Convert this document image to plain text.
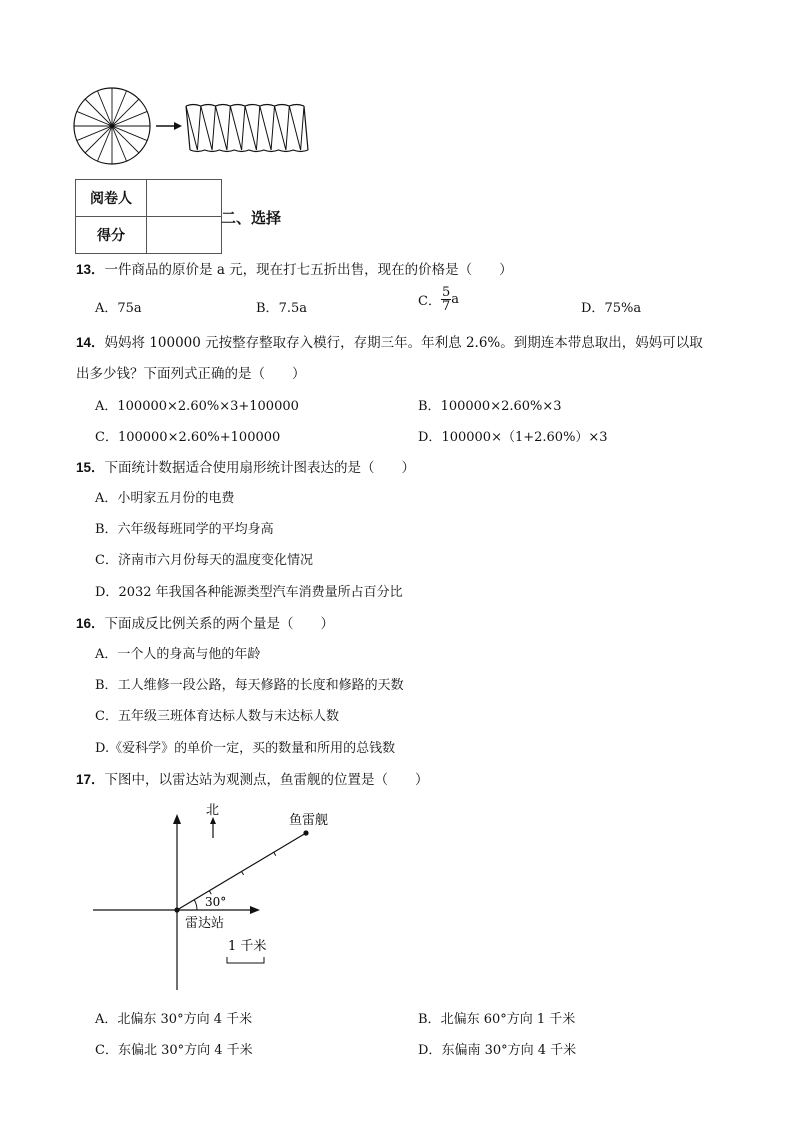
阅卷人	
得分	
二、选择
13．一件商品的原价是 a 元，现在打七五折出售，现在的价格是（　　）
A．75a	B．7.5a	C． $\frac{5}{7}$ a
D．75%a
14．妈妈将 100000 元按整存整取存入模行，存期三年。年利息 2.6%。到期连本带息取出，妈妈可以取
出多少钱？下面列式正确的是（　　）
A．100000×2.60%×3+100000	B．100000×2.60%×3
C．100000×2.60%+100000	D．100000×（1+2.60%）×3
15．下面统计数据适合使用扇形统计图表达的是（　　）
A．小明家五月份的电费
B．六年级每班同学的平均身高
C．济南市六月份每天的温度变化情况
D．2032 年我国各种能源类型汽车消费量所占百分比
16．下面成反比例关系的两个量是（　　）
A．一个人的身高与他的年龄
B．工人维修一段公路，每天修路的长度和修路的天数
C．五年级三班体育达标人数与末达标人数
D.《爱科学》的单价一定，买的数量和所用的总钱数
17．下图中，以雷达站为观测点，鱼雷舰的位置是（　　）
北
鱼雷舰
30°
雷达站
1 千米
A．北偏东 30°方向 4 千米	B．北偏东 60°方向 1 千米
C．东偏北 30°方向 4 千米	D．东偏南 30°方向 4 千米
